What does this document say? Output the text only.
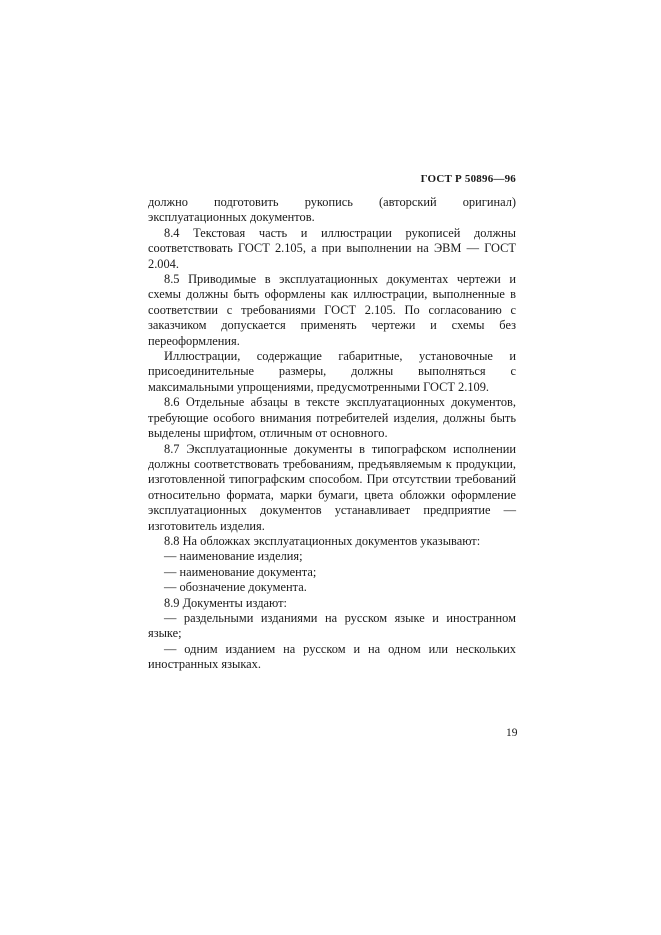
ГОСТ Р 50896—96

должно подготовить рукопись (авторский оригинал) эксплуатационных документов.

8.4 Текстовая часть и иллюстрации рукописей должны соответствовать ГОСТ 2.105, а при выполнении на ЭВМ — ГОСТ 2.004.

8.5 Приводимые в эксплуатационных документах чертежи и схемы должны быть оформлены как иллюстрации, выполненные в соответствии с требованиями ГОСТ 2.105. По согласованию с заказчиком допускается применять чертежи и схемы без переоформления.

Иллюстрации, содержащие габаритные, установочные и присоединительные размеры, должны выполняться с максимальными упрощениями, предусмотренными ГОСТ 2.109.

8.6 Отдельные абзацы в тексте эксплуатационных документов, требующие особого внимания потребителей изделия, должны быть выделены шрифтом, отличным от основного.

8.7 Эксплуатационные документы в типографском исполнении должны соответствовать требованиям, предъявляемым к продукции, изготовленной типографским способом. При отсутствии требований относительно формата, марки бумаги, цвета обложки оформление эксплуатационных документов устанавливает предприятие — изготовитель изделия.

8.8 На обложках эксплуатационных документов указывают:

— наименование изделия;

— наименование документа;

— обозначение документа.

8.9 Документы издают:

— раздельными изданиями на русском языке и иностранном языке;

— одним изданием на русском и на одном или нескольких иностранных языках.

19
